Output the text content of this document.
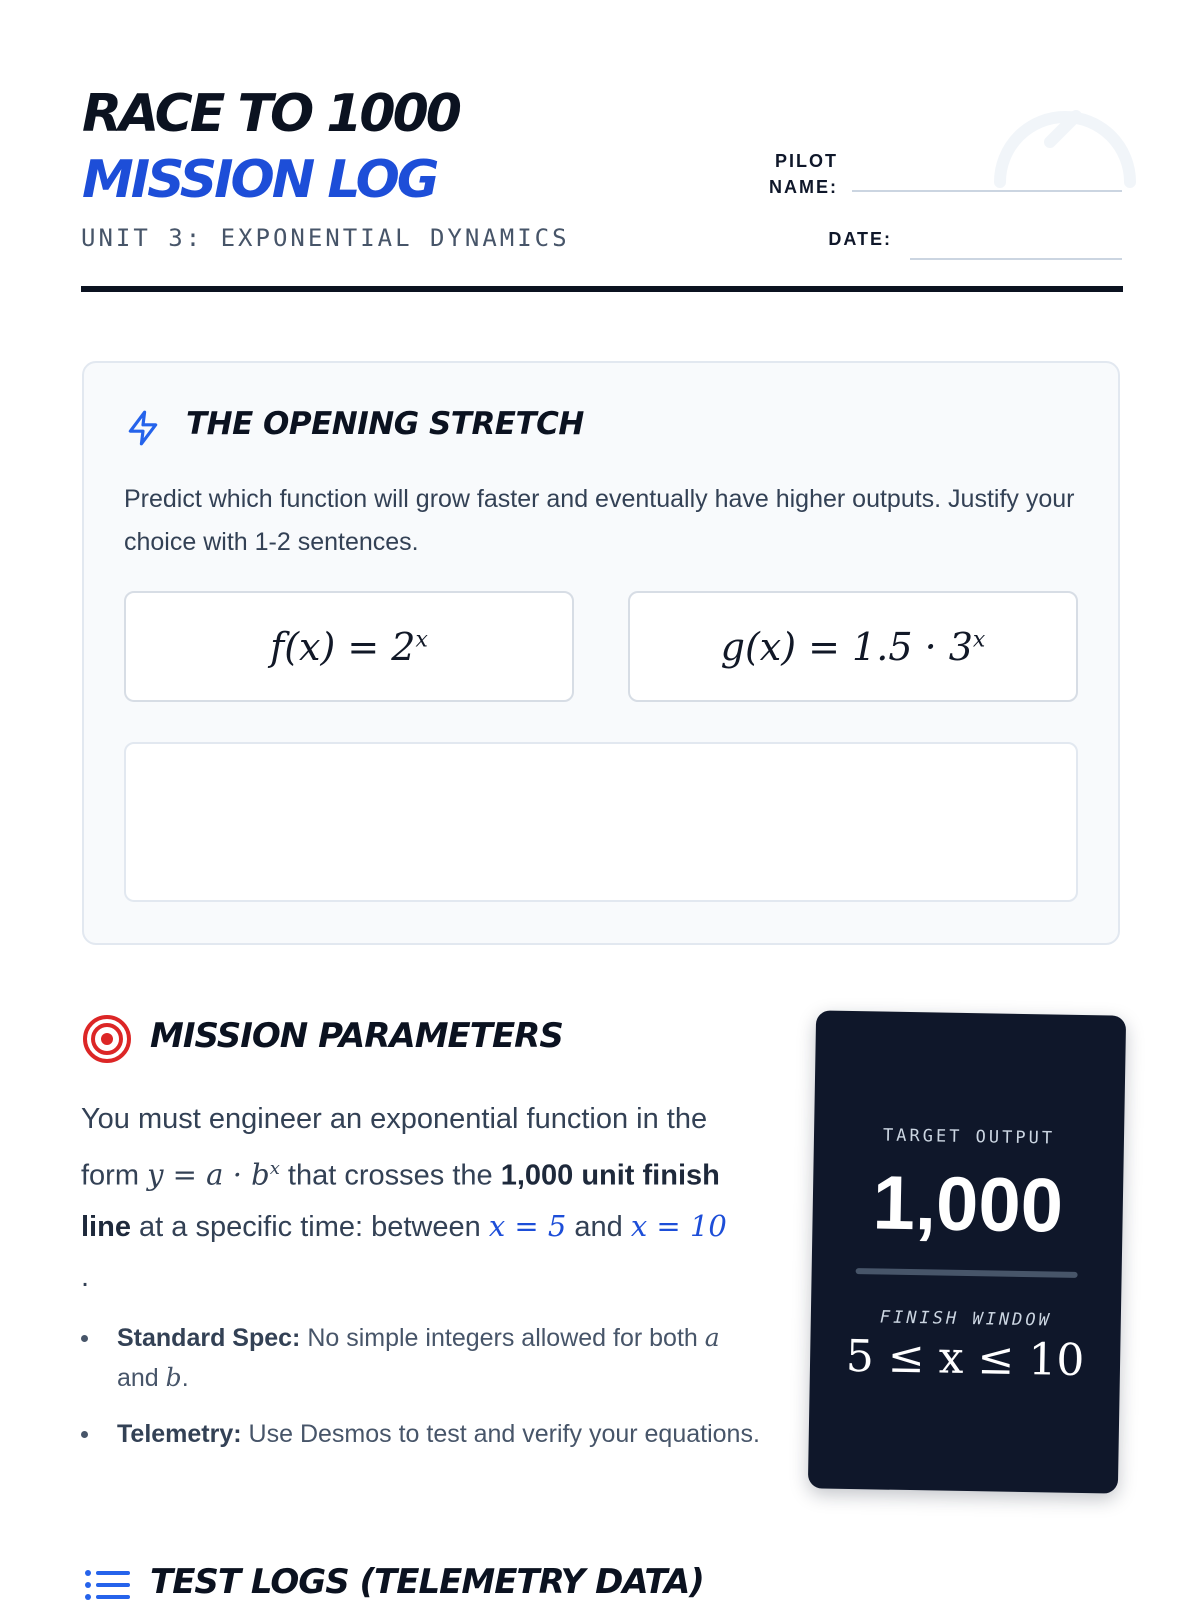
RACE TO 1000
MISSION LOG
UNIT 3: EXPONENTIAL DYNAMICS
PILOT
NAME:
DATE:
THE OPENING STRETCH

Predict which function will grow faster and eventually have higher outputs. Justify your choice with 1-2 sentences.

$f(x) = 2^x$	$g(x) = 1.5 \cdot 3^x$
MISSION PARAMETERS

You must engineer an exponential function in the form $y = a \cdot b^x$ that crosses the 1,000 unit finish line at a specific time: between x = 5 and x = 10
.

Standard Spec: No simple integers allowed for both a and b.
Telemetry: Use Desmos to test and verify your equations.
TARGET OUTPUT
1,000
FINISH WINDOW
5 ≤ x ≤ 10
TEST LOGS (TELEMETRY DATA)
